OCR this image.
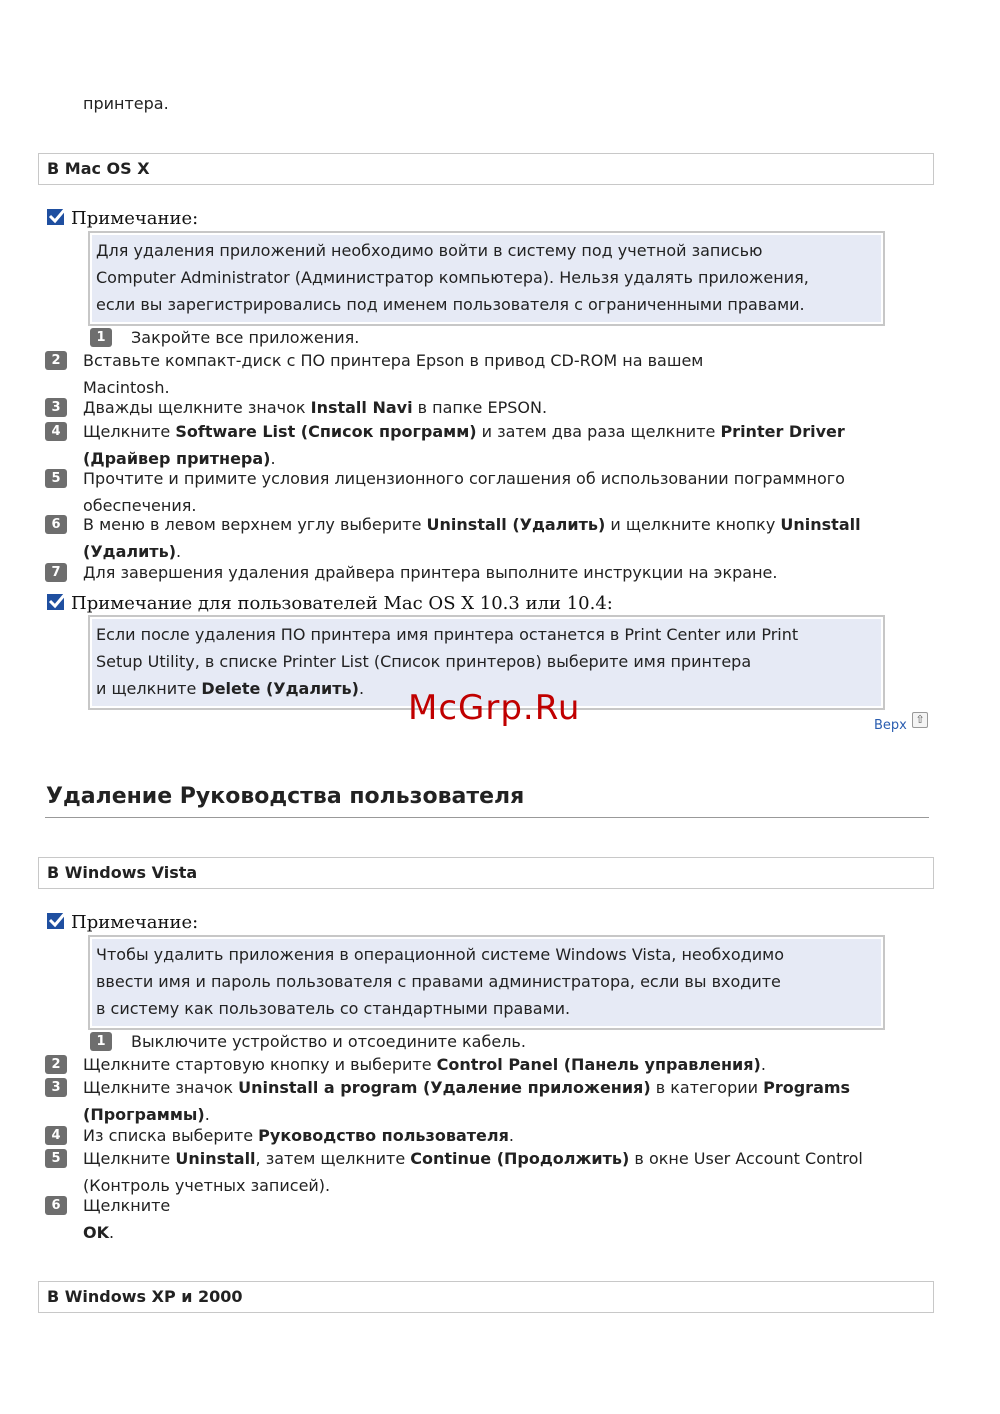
принтера.
В Mac OS X
Примечание:
Для удаления приложений необходимо войти в систему под учетной записью
Computer Administrator (Администратор компьютера). Нельзя удалять приложения,
если вы зарегистрировались под именем пользователя с ограниченными правами.
1	Закройте все приложения.
2	Вставьте компакт-диск с ПО принтера Epson в привод CD-ROM на вашем
Macintosh.
3	Дважды щелкните значок Install Navi в папке EPSON.
4	Щелкните Software List (Список программ) и затем два раза щелкните Printer Driver
(Драйвер притнера).
5	Прочтите и примите условия лицензионного соглашения об использовании пограммного
обеспечения.
6	В меню в левом верхнем углу выберите Uninstall (Удалить) и щелкните кнопку Uninstall
(Удалить).
7	Для завершения удаления драйвера принтера выполните инструкции на экране.
Примечание для пользователей Mac OS X 10.3 или 10.4:
Если после удаления ПО принтера имя принтера останется в Print Center или Print
Setup Utility, в списке Printer List (Список принтеров) выберите имя принтера
и щелкните Delete (Удалить).	McGrp.Ru	Верх ⇧
Удаление Руководства пользователя
В Windows Vista
Примечание:
Чтобы удалить приложения в операционной системе Windows Vista, необходимо
ввести имя и пароль пользователя с правами администратора, если вы входите
в систему как пользователь со стандартными правами.
1	Выключите устройство и отсоедините кабель.
2	Щелкните стартовую кнопку и выберите Control Panel (Панель управления).
3	Щелкните значок Uninstall a program (Удаление приложения) в категории Programs
(Программы).
4	Из списка выберите Руководство пользователя.
5	Щелкните Uninstall, затем щелкните Continue (Продолжить) в окне User Account Control
(Контроль учетных записей).
6	Щелкните
OK.
В Windows XP и 2000
